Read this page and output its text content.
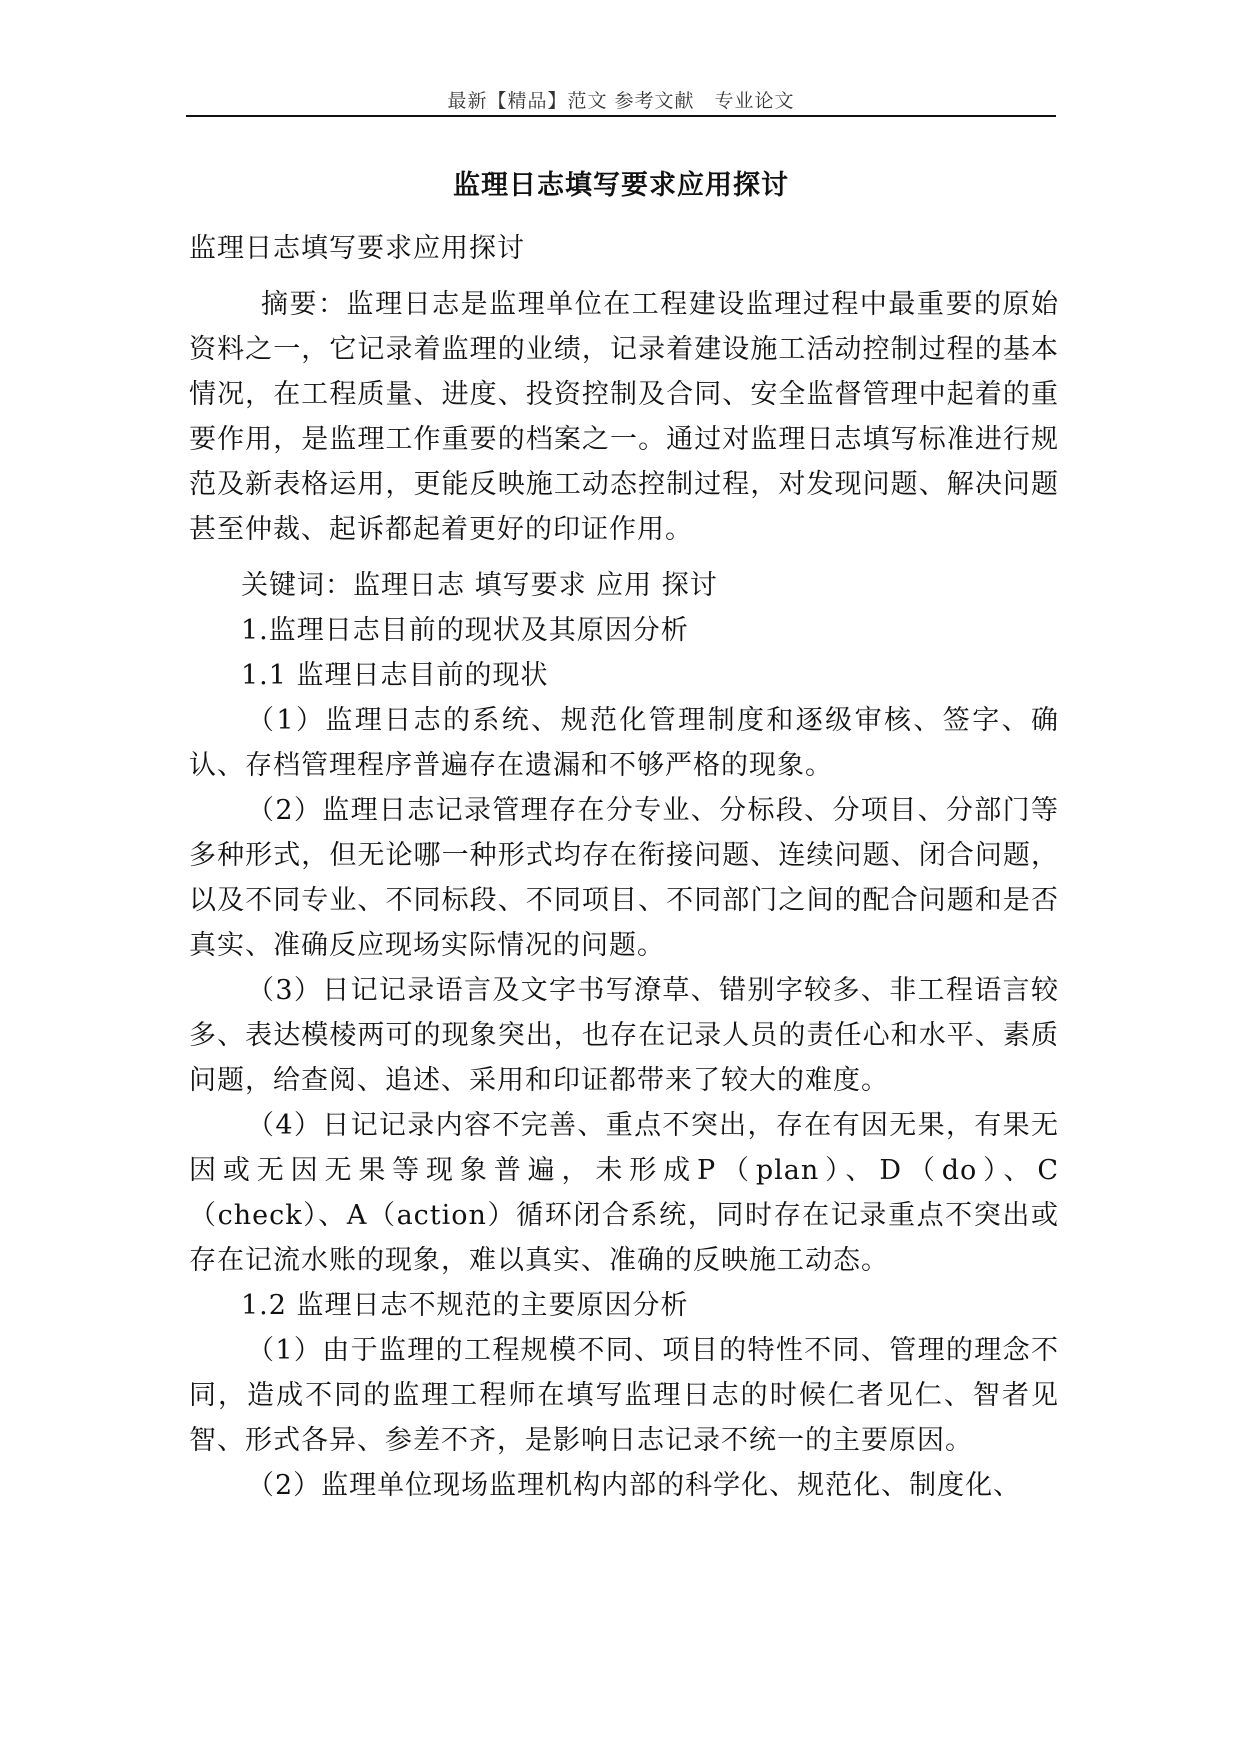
最新【精品】范文 参考文献　专业论文
监理日志填写要求应用探讨
监理日志填写要求应用探讨
摘要：监理日志是监理单位在工程建设监理过程中最重要的原始资料之一，它记录着监理的业绩，记录着建设施工活动控制过程的基本情况，在工程质量、进度、投资控制及合同、安全监督管理中起着的重要作用，是监理工作重要的档案之一。通过对监理日志填写标准进行规范及新表格运用，更能反映施工动态控制过程，对发现问题、解决问题甚至仲裁、起诉都起着更好的印证作用。
关键词：监理日志 填写要求 应用 探讨
1.监理日志目前的现状及其原因分析
1.1 监理日志目前的现状
（1）监理日志的系统、规范化管理制度和逐级审核、签字、确认、存档管理程序普遍存在遗漏和不够严格的现象。
（2）监理日志记录管理存在分专业、分标段、分项目、分部门等多种形式，但无论哪一种形式均存在衔接问题、连续问题、闭合问题，以及不同专业、不同标段、不同项目、不同部门之间的配合问题和是否真实、准确反应现场实际情况的问题。
（3）日记记录语言及文字书写潦草、错别字较多、非工程语言较多、表达模棱两可的现象突出，也存在记录人员的责任心和水平、素质问题，给查阅、追述、采用和印证都带来了较大的难度。
（4）日记记录内容不完善、重点不突出，存在有因无果，有果无因或无因无果等现象普遍，未形成P（plan）、D（do）、C（check）、A（action）循环闭合系统，同时存在记录重点不突出或存在记流水账的现象，难以真实、准确的反映施工动态。
1.2 监理日志不规范的主要原因分析
（1）由于监理的工程规模不同、项目的特性不同、管理的理念不同，造成不同的监理工程师在填写监理日志的时候仁者见仁、智者见智、形式各异、参差不齐，是影响日志记录不统一的主要原因。
（2）监理单位现场监理机构内部的科学化、规范化、制度化、
